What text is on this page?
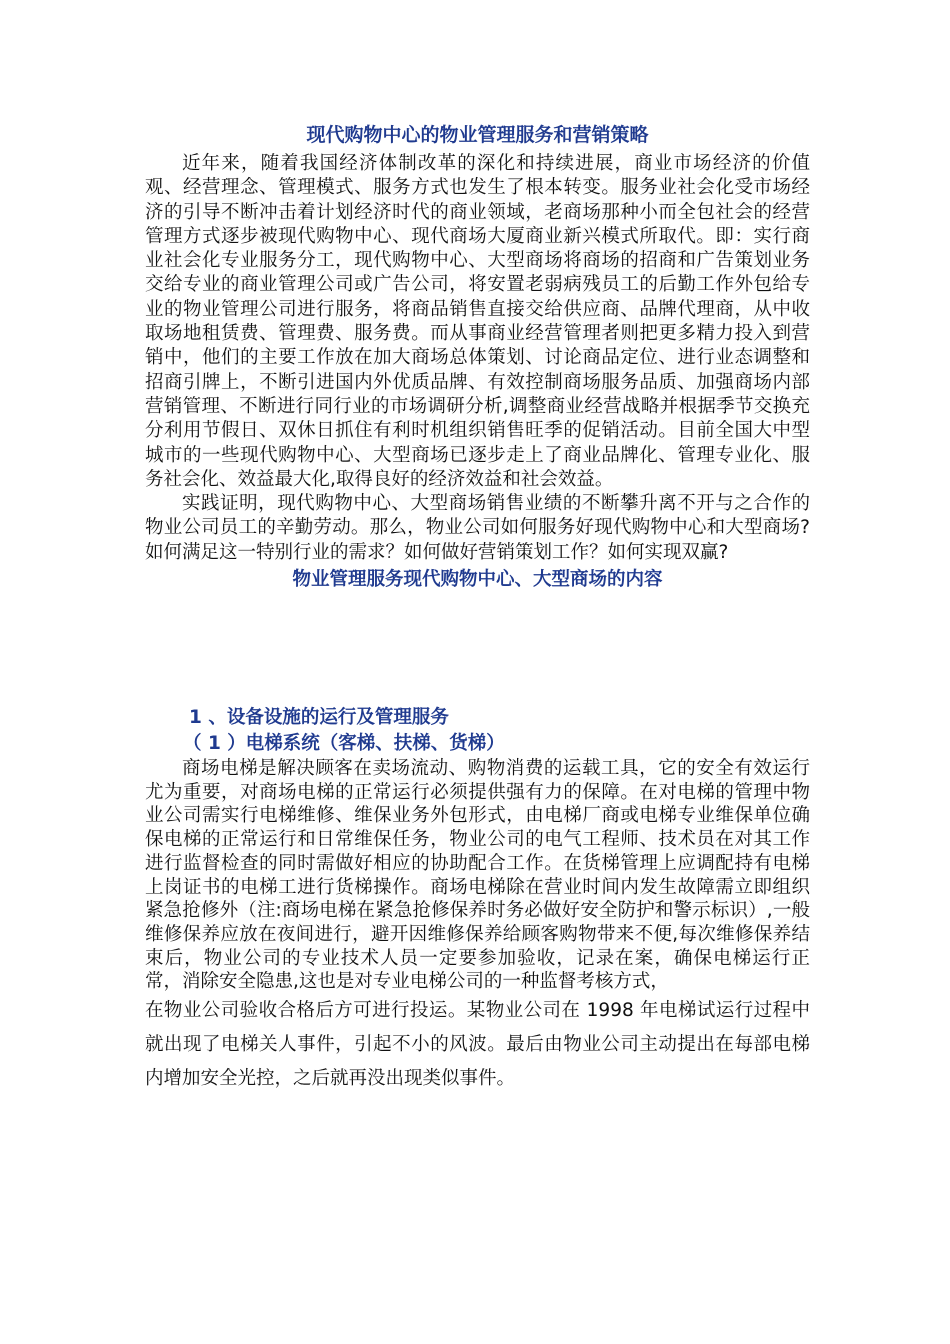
现代购物中心的物业管理服务和营销策略

近年来，随着我国经济体制改革的深化和持续进展，商业市场经济的价值观、经营理念、管理模式、服务方式也发生了根本转变。服务业社会化受市场经济的引导不断冲击着计划经济时代的商业领域，老商场那种小而全包社会的经营管理方式逐步被现代购物中心、现代商场大厦商业新兴模式所取代。即：实行商业社会化专业服务分工，现代购物中心、大型商场将商场的招商和广告策划业务交给专业的商业管理公司或广告公司，将安置老弱病残员工的后勤工作外包给专业的物业管理公司进行服务，将商品销售直接交给供应商、品牌代理商，从中收取场地租赁费、管理费、服务费。而从事商业经营管理者则把更多精力投入到营销中，他们的主要工作放在加大商场总体策划、讨论商品定位、进行业态调整和招商引牌上，不断引进国内外优质品牌、有效控制商场服务品质、加强商场内部营销管理、不断进行同行业的市场调研分析,调整商业经营战略并根据季节交换充分利用节假日、双休日抓住有利时机组织销售旺季的促销活动。目前全国大中型城市的一些现代购物中心、大型商场已逐步走上了商业品牌化、管理专业化、服务社会化、效益最大化,取得良好的经济效益和社会效益。

实践证明，现代购物中心、大型商场销售业绩的不断攀升离不开与之合作的物业公司员工的辛勤劳动。那么，物业公司如何服务好现代购物中心和大型商场?如何满足这一特别行业的需求？如何做好营销策划工作？如何实现双赢?

物业管理服务现代购物中心、大型商场的内容
1 、设备设施的运行及管理服务
（ 1 ）电梯系统（客梯、扶梯、货梯）

商场电梯是解决顾客在卖场流动、购物消费的运载工具，它的安全有效运行尤为重要，对商场电梯的正常运行必须提供强有力的保障。在对电梯的管理中物业公司需实行电梯维修、维保业务外包形式，由电梯厂商或电梯专业维保单位确保电梯的正常运行和日常维保任务，物业公司的电气工程师、技术员在对其工作进行监督检查的同时需做好相应的协助配合工作。在货梯管理上应调配持有电梯上岗证书的电梯工进行货梯操作。商场电梯除在营业时间内发生故障需立即组织紧急抢修外（注:商场电梯在紧急抢修保养时务必做好安全防护和警示标识）,一般维修保养应放在夜间进行，避开因维修保养给顾客购物带来不便,每次维修保养结束后，物业公司的专业技术人员一定要参加验收，记录在案，确保电梯运行正常，消除安全隐患,这也是对专业电梯公司的一种监督考核方式，

在物业公司验收合格后方可进行投运。某物业公司在 1998 年电梯试运行过程中就出现了电梯关人事件，引起不小的风波。最后由物业公司主动提出在每部电梯内增加安全光控，之后就再没出现类似事件。
